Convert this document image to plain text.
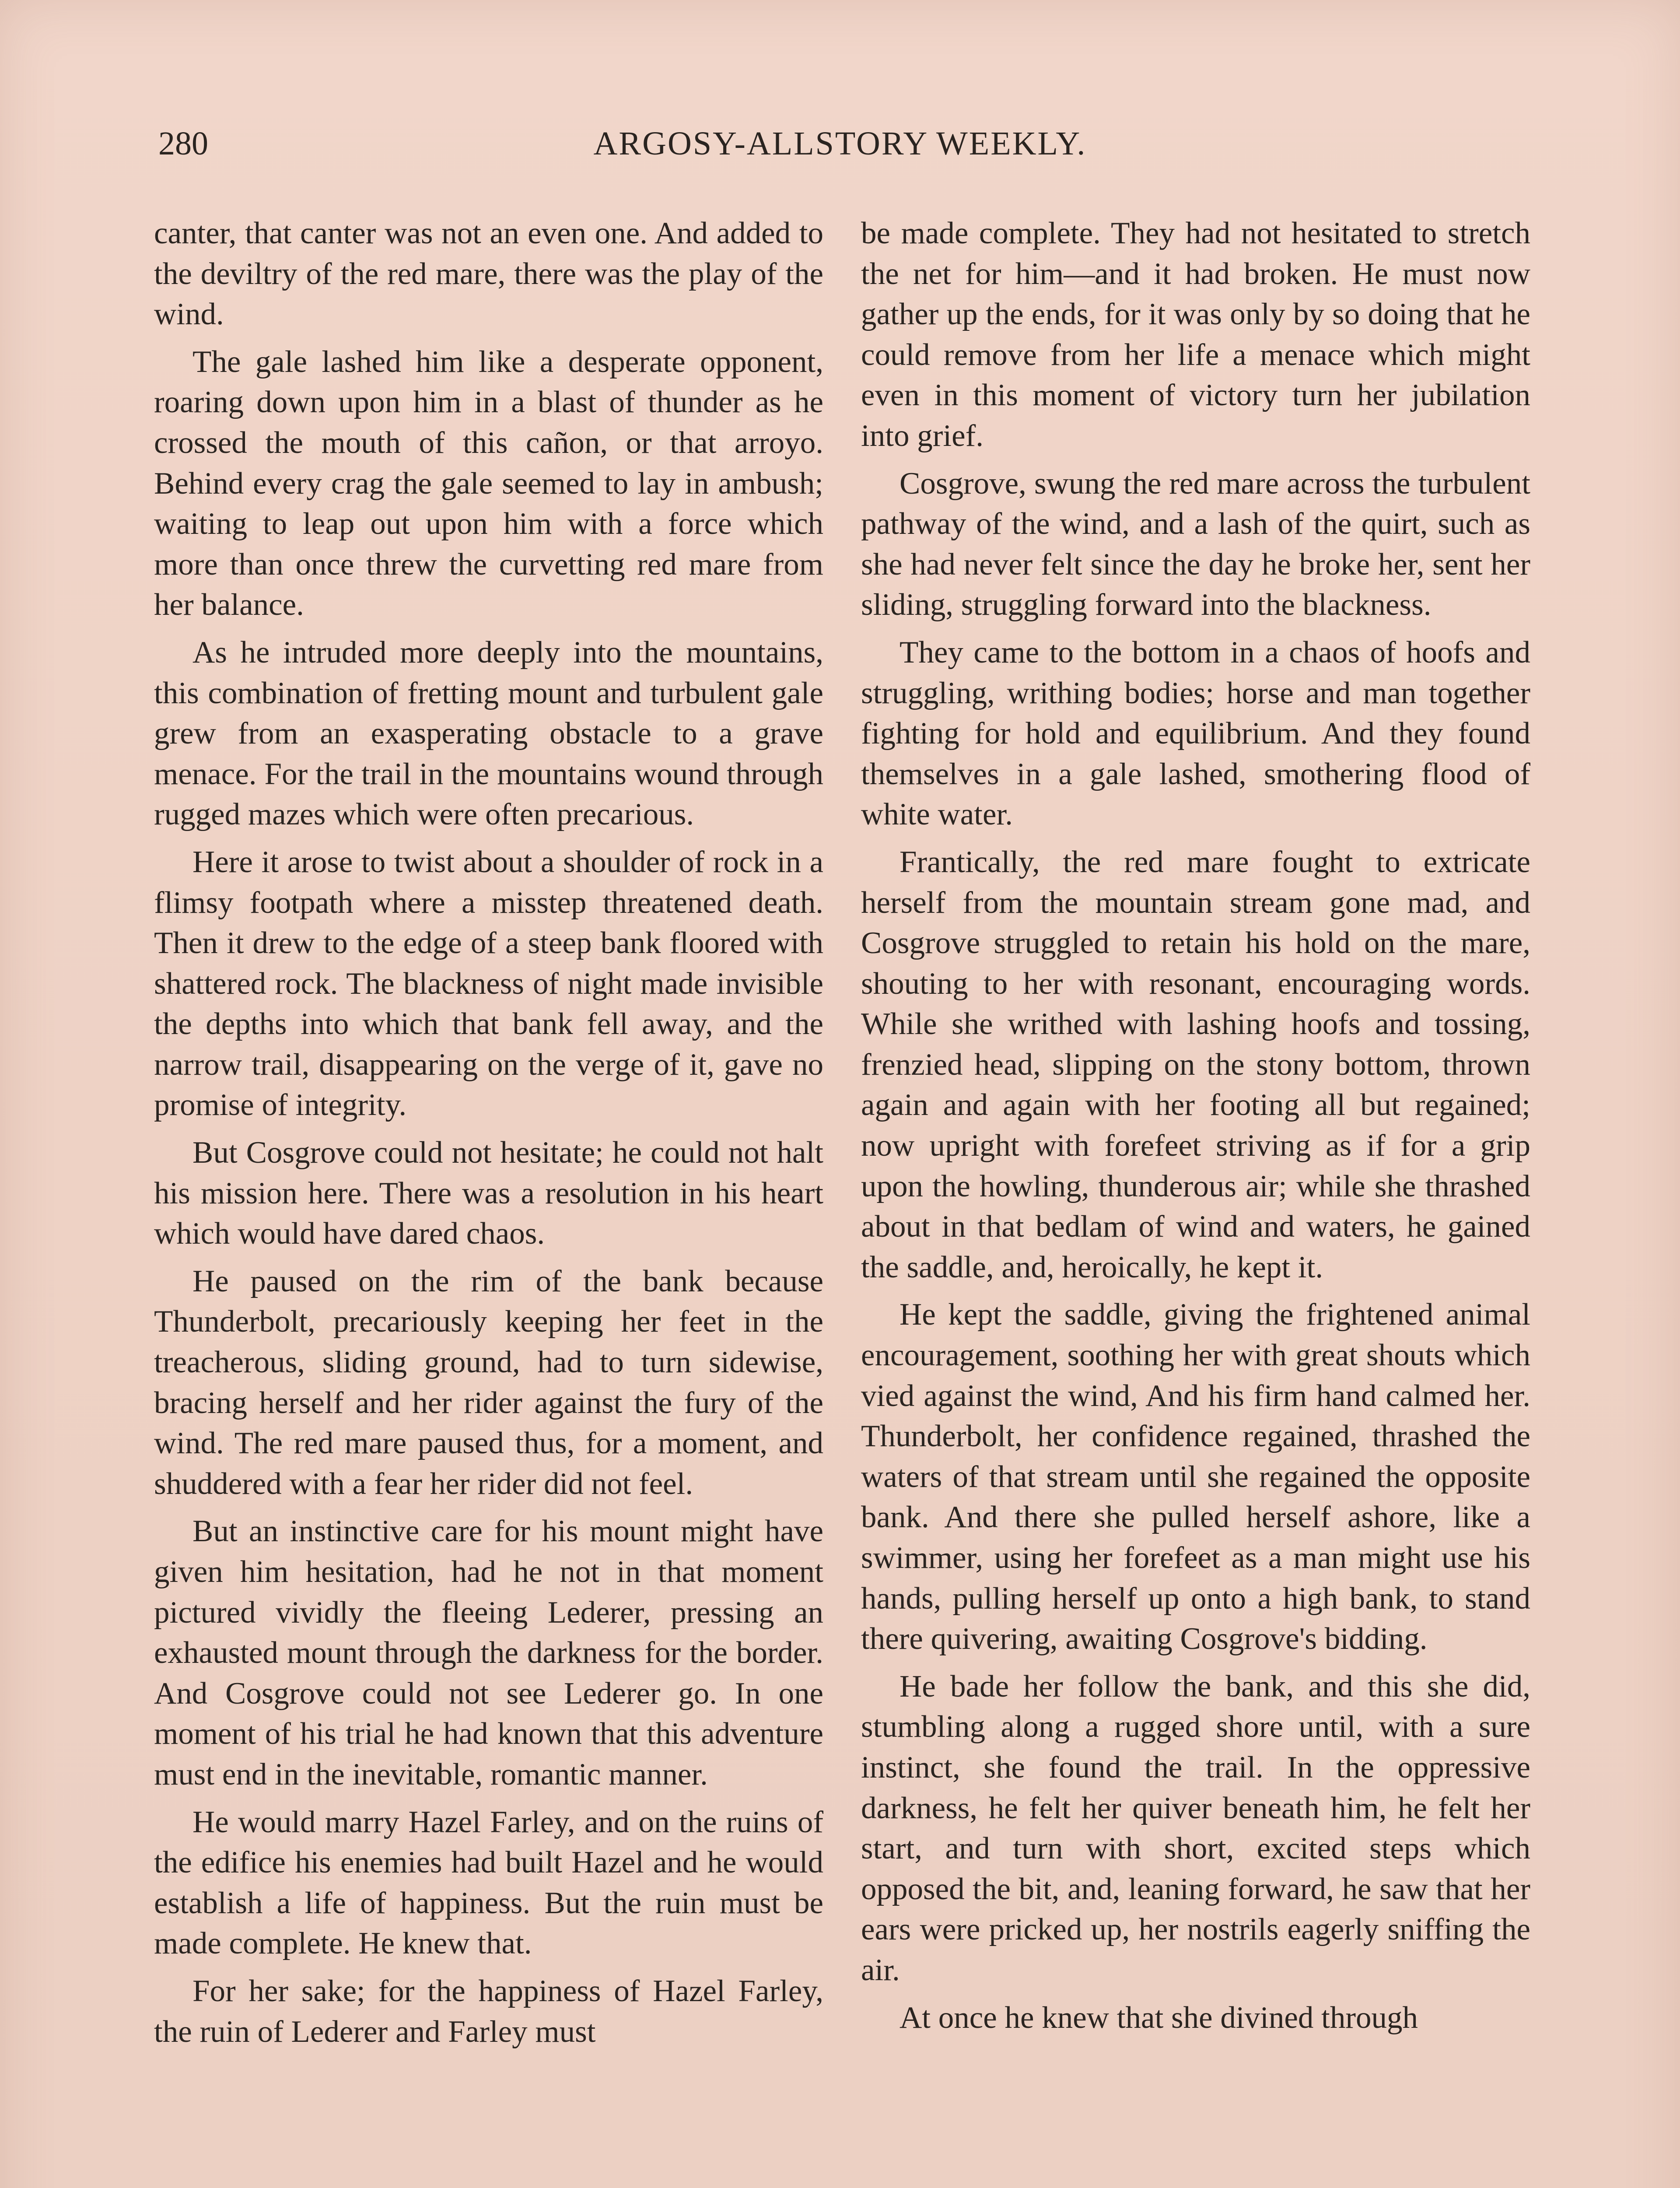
280	ARGOSY-ALLSTORY WEEKLY.

canter, that canter was not an even one. And added to the deviltry of the red mare, there was the play of the wind.

The gale lashed him like a desperate opponent, roaring down upon him in a blast of thunder as he crossed the mouth of this cañon, or that arroyo. Behind every crag the gale seemed to lay in ambush; waiting to leap out upon him with a force which more than once threw the curvetting red mare from her balance.

As he intruded more deeply into the mountains, this combination of fretting mount and turbulent gale grew from an exasperating obstacle to a grave menace. For the trail in the mountains wound through rugged mazes which were often precarious.

Here it arose to twist about a shoulder of rock in a flimsy footpath where a misstep threatened death. Then it drew to the edge of a steep bank floored with shattered rock. The blackness of night made invisible the depths into which that bank fell away, and the narrow trail, disappearing on the verge of it, gave no promise of integrity.

But Cosgrove could not hesitate; he could not halt his mission here. There was a resolution in his heart which would have dared chaos.

He paused on the rim of the bank because Thunderbolt, precariously keeping her feet in the treacherous, sliding ground, had to turn sidewise, bracing herself and her rider against the fury of the wind. The red mare paused thus, for a moment, and shuddered with a fear her rider did not feel.

But an instinctive care for his mount might have given him hesitation, had he not in that moment pictured vividly the fleeing Lederer, pressing an exhausted mount through the darkness for the border. And Cosgrove could not see Lederer go. In one moment of his trial he had known that this adventure must end in the inevitable, romantic manner.

He would marry Hazel Farley, and on the ruins of the edifice his enemies had built Hazel and he would establish a life of happiness. But the ruin must be made complete. He knew that.

For her sake; for the happiness of Hazel Farley, the ruin of Lederer and Farley must

be made complete. They had not hesitated to stretch the net for him—and it had broken. He must now gather up the ends, for it was only by so doing that he could remove from her life a menace which might even in this moment of victory turn her jubilation into grief.

Cosgrove, swung the red mare across the turbulent pathway of the wind, and a lash of the quirt, such as she had never felt since the day he broke her, sent her sliding, struggling forward into the blackness.

They came to the bottom in a chaos of hoofs and struggling, writhing bodies; horse and man together fighting for hold and equilibrium. And they found themselves in a gale lashed, smothering flood of white water.

Frantically, the red mare fought to extricate herself from the mountain stream gone mad, and Cosgrove struggled to retain his hold on the mare, shouting to her with resonant, encouraging words. While she writhed with lashing hoofs and tossing, frenzied head, slipping on the stony bottom, thrown again and again with her footing all but regained; now upright with forefeet striving as if for a grip upon the howling, thunderous air; while she thrashed about in that bedlam of wind and waters, he gained the saddle, and, heroically, he kept it.

He kept the saddle, giving the frightened animal encouragement, soothing her with great shouts which vied against the wind, And his firm hand calmed her. Thunderbolt, her confidence regained, thrashed the waters of that stream until she regained the opposite bank. And there she pulled herself ashore, like a swimmer, using her forefeet as a man might use his hands, pulling herself up onto a high bank, to stand there quivering, awaiting Cosgrove's bidding.

He bade her follow the bank, and this she did, stumbling along a rugged shore until, with a sure instinct, she found the trail. In the oppressive darkness, he felt her quiver beneath him, he felt her start, and turn with short, excited steps which opposed the bit, and, leaning forward, he saw that her ears were pricked up, her nostrils eagerly sniffing the air.

At once he knew that she divined through
